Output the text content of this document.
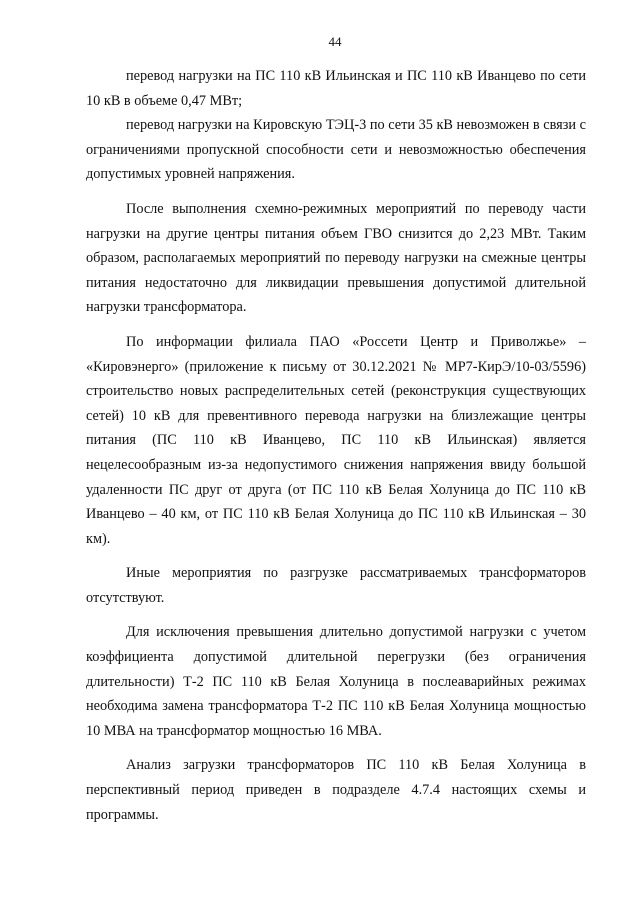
44

перевод нагрузки на ПС 110 кВ Ильинская и ПС 110 кВ Иванцево по сети 10 кВ в объеме 0,47 МВт;

перевод нагрузки на Кировскую ТЭЦ-3 по сети 35 кВ невозможен в связи с ограничениями пропускной способности сети и невозможностью обеспечения допустимых уровней напряжения.

После выполнения схемно-режимных мероприятий по переводу части нагрузки на другие центры питания объем ГВО снизится до 2,23 МВт. Таким образом, располагаемых мероприятий по переводу нагрузки на смежные центры питания недостаточно для ликвидации превышения допустимой длительной нагрузки трансформатора.

По информации филиала ПАО «Россети Центр и Приволжье» – «Кировэнерго» (приложение к письму от 30.12.2021 № МР7-КирЭ/10-03/5596) строительство новых распределительных сетей (реконструкция существующих сетей) 10 кВ для превентивного перевода нагрузки на близлежащие центры питания (ПС 110 кВ Иванцево, ПС 110 кВ Ильинская) является нецелесообразным из-за недопустимого снижения напряжения ввиду большой удаленности ПС друг от друга (от ПС 110 кВ Белая Холуница до ПС 110 кВ Иванцево – 40 км, от ПС 110 кВ Белая Холуница до ПС 110 кВ Ильинская – 30 км).

Иные мероприятия по разгрузке рассматриваемых трансформаторов отсутствуют.

Для исключения превышения длительно допустимой нагрузки с учетом коэффициента допустимой длительной перегрузки (без ограничения длительности) Т-2 ПС 110 кВ Белая Холуница в послеаварийных режимах необходима замена трансформатора Т-2 ПС 110 кВ Белая Холуница мощностью 10 МВА на трансформатор мощностью 16 МВА.

Анализ загрузки трансформаторов ПС 110 кВ Белая Холуница в перспективный период приведен в подразделе 4.7.4 настоящих схемы и программы.
